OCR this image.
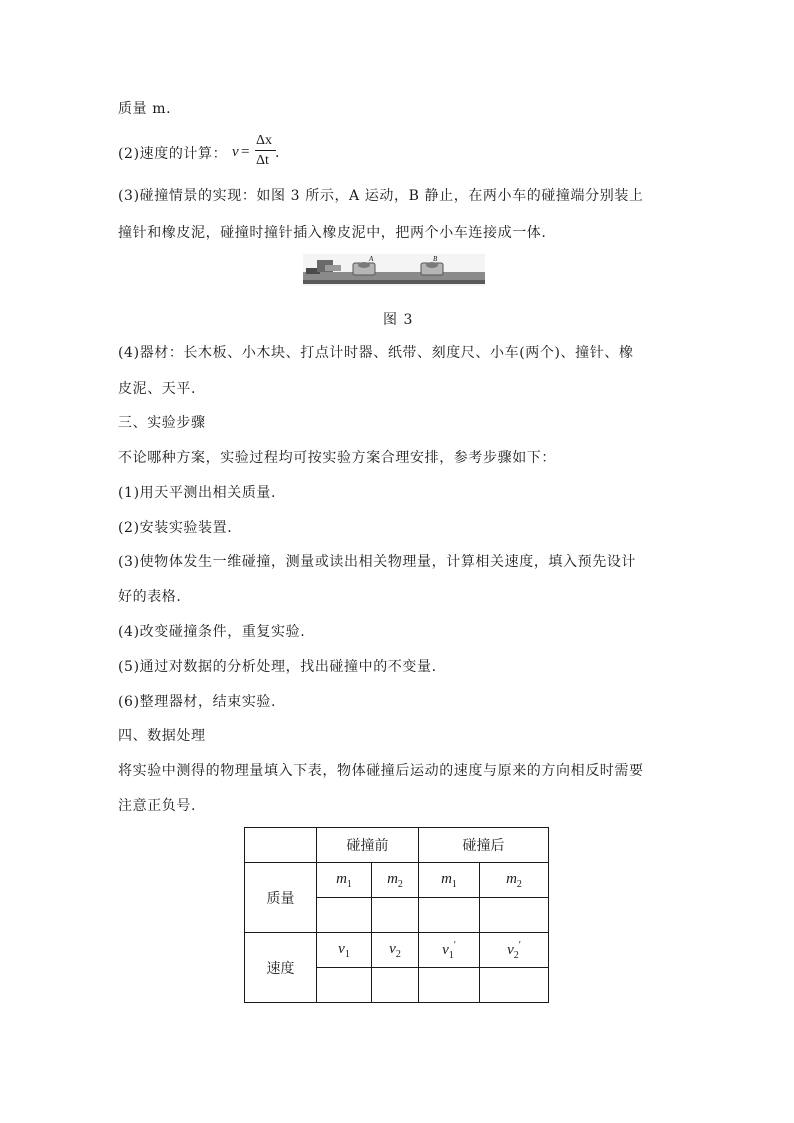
质量 m.
(2)速度的计算： v =
Δx
Δt .
(3)碰撞情景的实现：如图 3 所示，A 运动，B 静止，在两小车的碰撞端分别装上
撞针和橡皮泥，碰撞时撞针插入橡皮泥中，把两个小车连接成一体.
A	B
图 3
(4)器材：长木板、小木块、打点计时器、纸带、刻度尺、小车(两个)、撞针、橡
皮泥、天平.
三、实验步骤
不论哪种方案，实验过程均可按实验方案合理安排，参考步骤如下：
(1)用天平测出相关质量.
(2)安装实验装置.
(3)使物体发生一维碰撞，测量或读出相关物理量，计算相关速度，填入预先设计
好的表格.
(4)改变碰撞条件，重复实验.
(5)通过对数据的分析处理，找出碰撞中的不变量.
(6)整理器材，结束实验.
四、数据处理
将实验中测得的物理量填入下表，物体碰撞后运动的速度与原来的方向相反时需要
注意正负号.
	碰撞前		碰撞后	
质量	$m_1$	$m_2$	$m_1$	$m_2$

速度	$v_1$	$v_2$	$v_1'$	$v_2'$
